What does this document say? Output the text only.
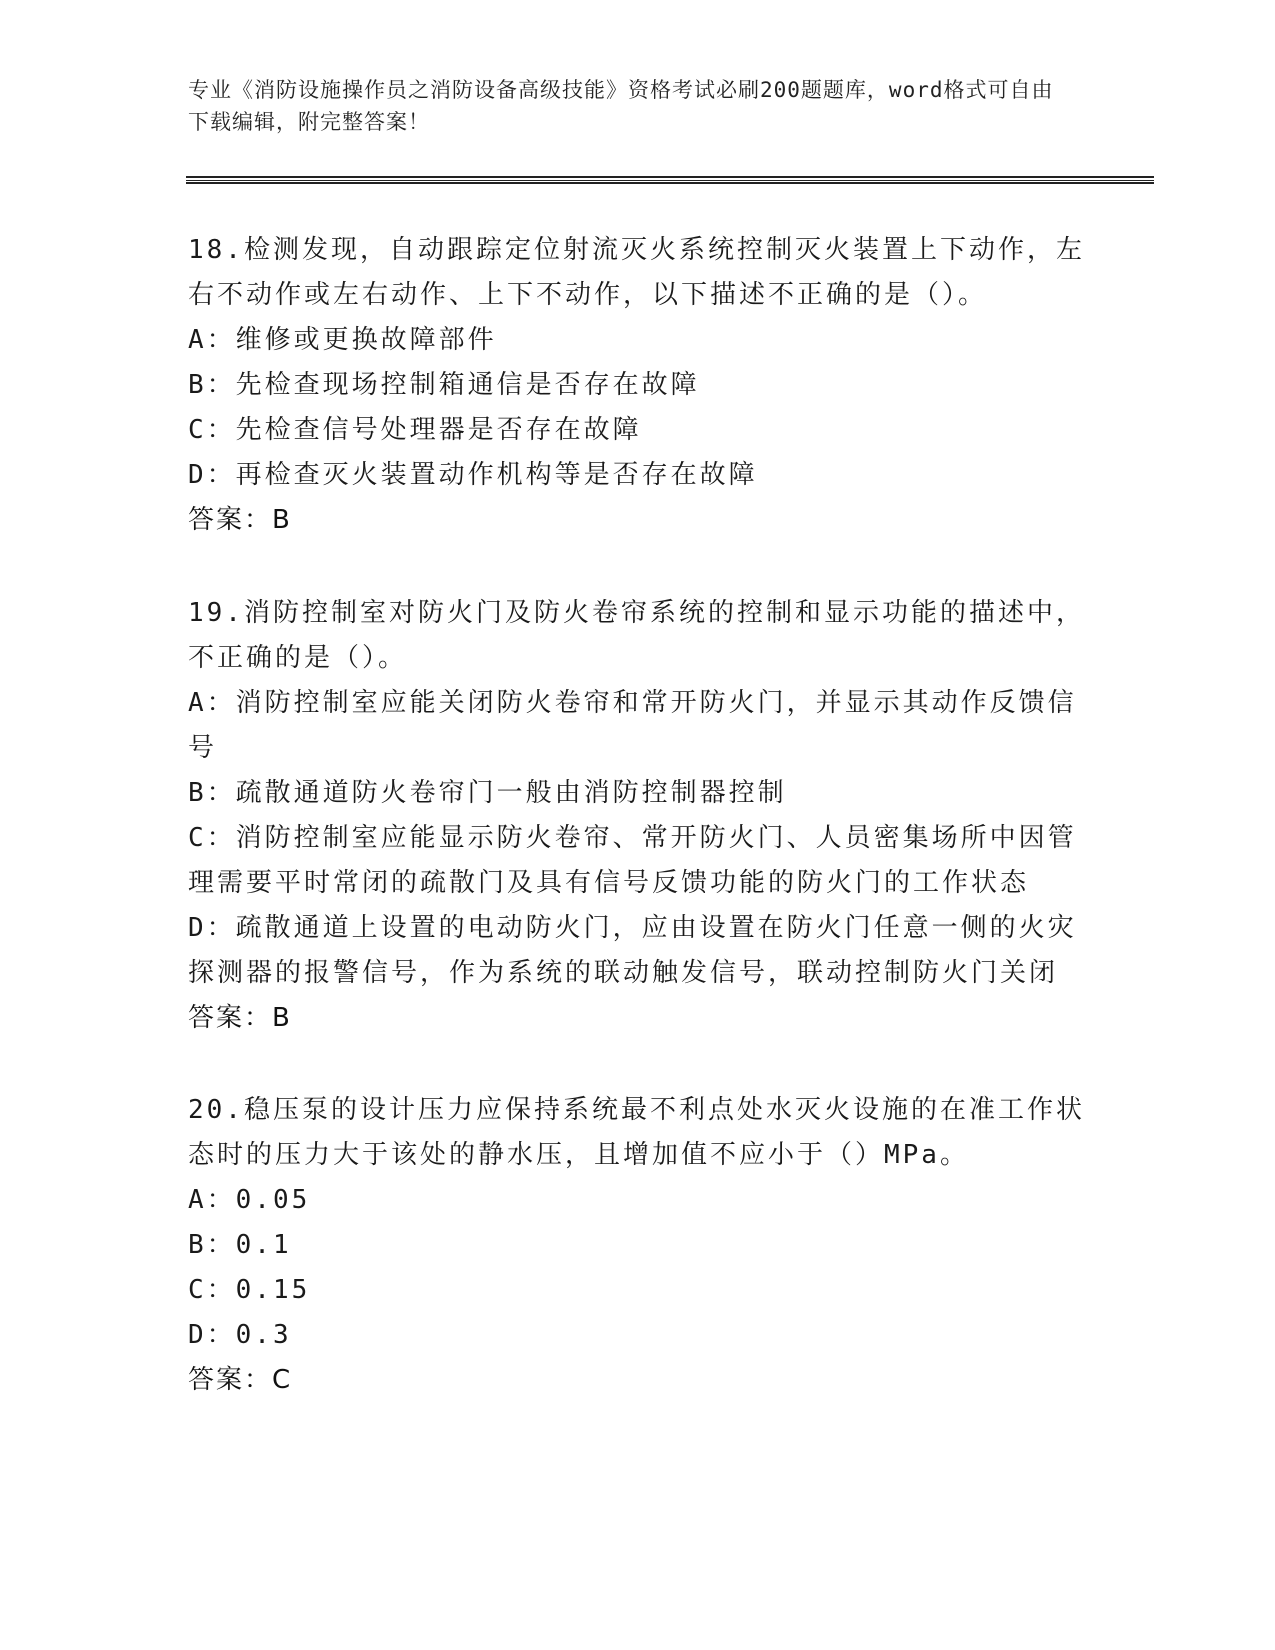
专业《消防设施操作员之消防设备高级技能》资格考试必刷200题题库，word格式可自由下载编辑，附完整答案！

18.检测发现，自动跟踪定位射流灭火系统控制灭火装置上下动作，左右不动作或左右动作、上下不动作，以下描述不正确的是（）。

A：维修或更换故障部件

B：先检查现场控制箱通信是否存在故障

C：先检查信号处理器是否存在故障

D：再检查灭火装置动作机构等是否存在故障

答案：B

19.消防控制室对防火门及防火卷帘系统的控制和显示功能的描述中，不正确的是（）。

A：消防控制室应能关闭防火卷帘和常开防火门，并显示其动作反馈信号

B：疏散通道防火卷帘门一般由消防控制器控制

C：消防控制室应能显示防火卷帘、常开防火门、人员密集场所中因管理需要平时常闭的疏散门及具有信号反馈功能的防火门的工作状态

D：疏散通道上设置的电动防火门，应由设置在防火门任意一侧的火灾探测器的报警信号，作为系统的联动触发信号，联动控制防火门关闭

答案：B

20.稳压泵的设计压力应保持系统最不利点处水灭火设施的在准工作状态时的压力大于该处的静水压，且增加值不应小于（）MPa。

A：0.05

B：0.1

C：0.15

D：0.3

答案：C
